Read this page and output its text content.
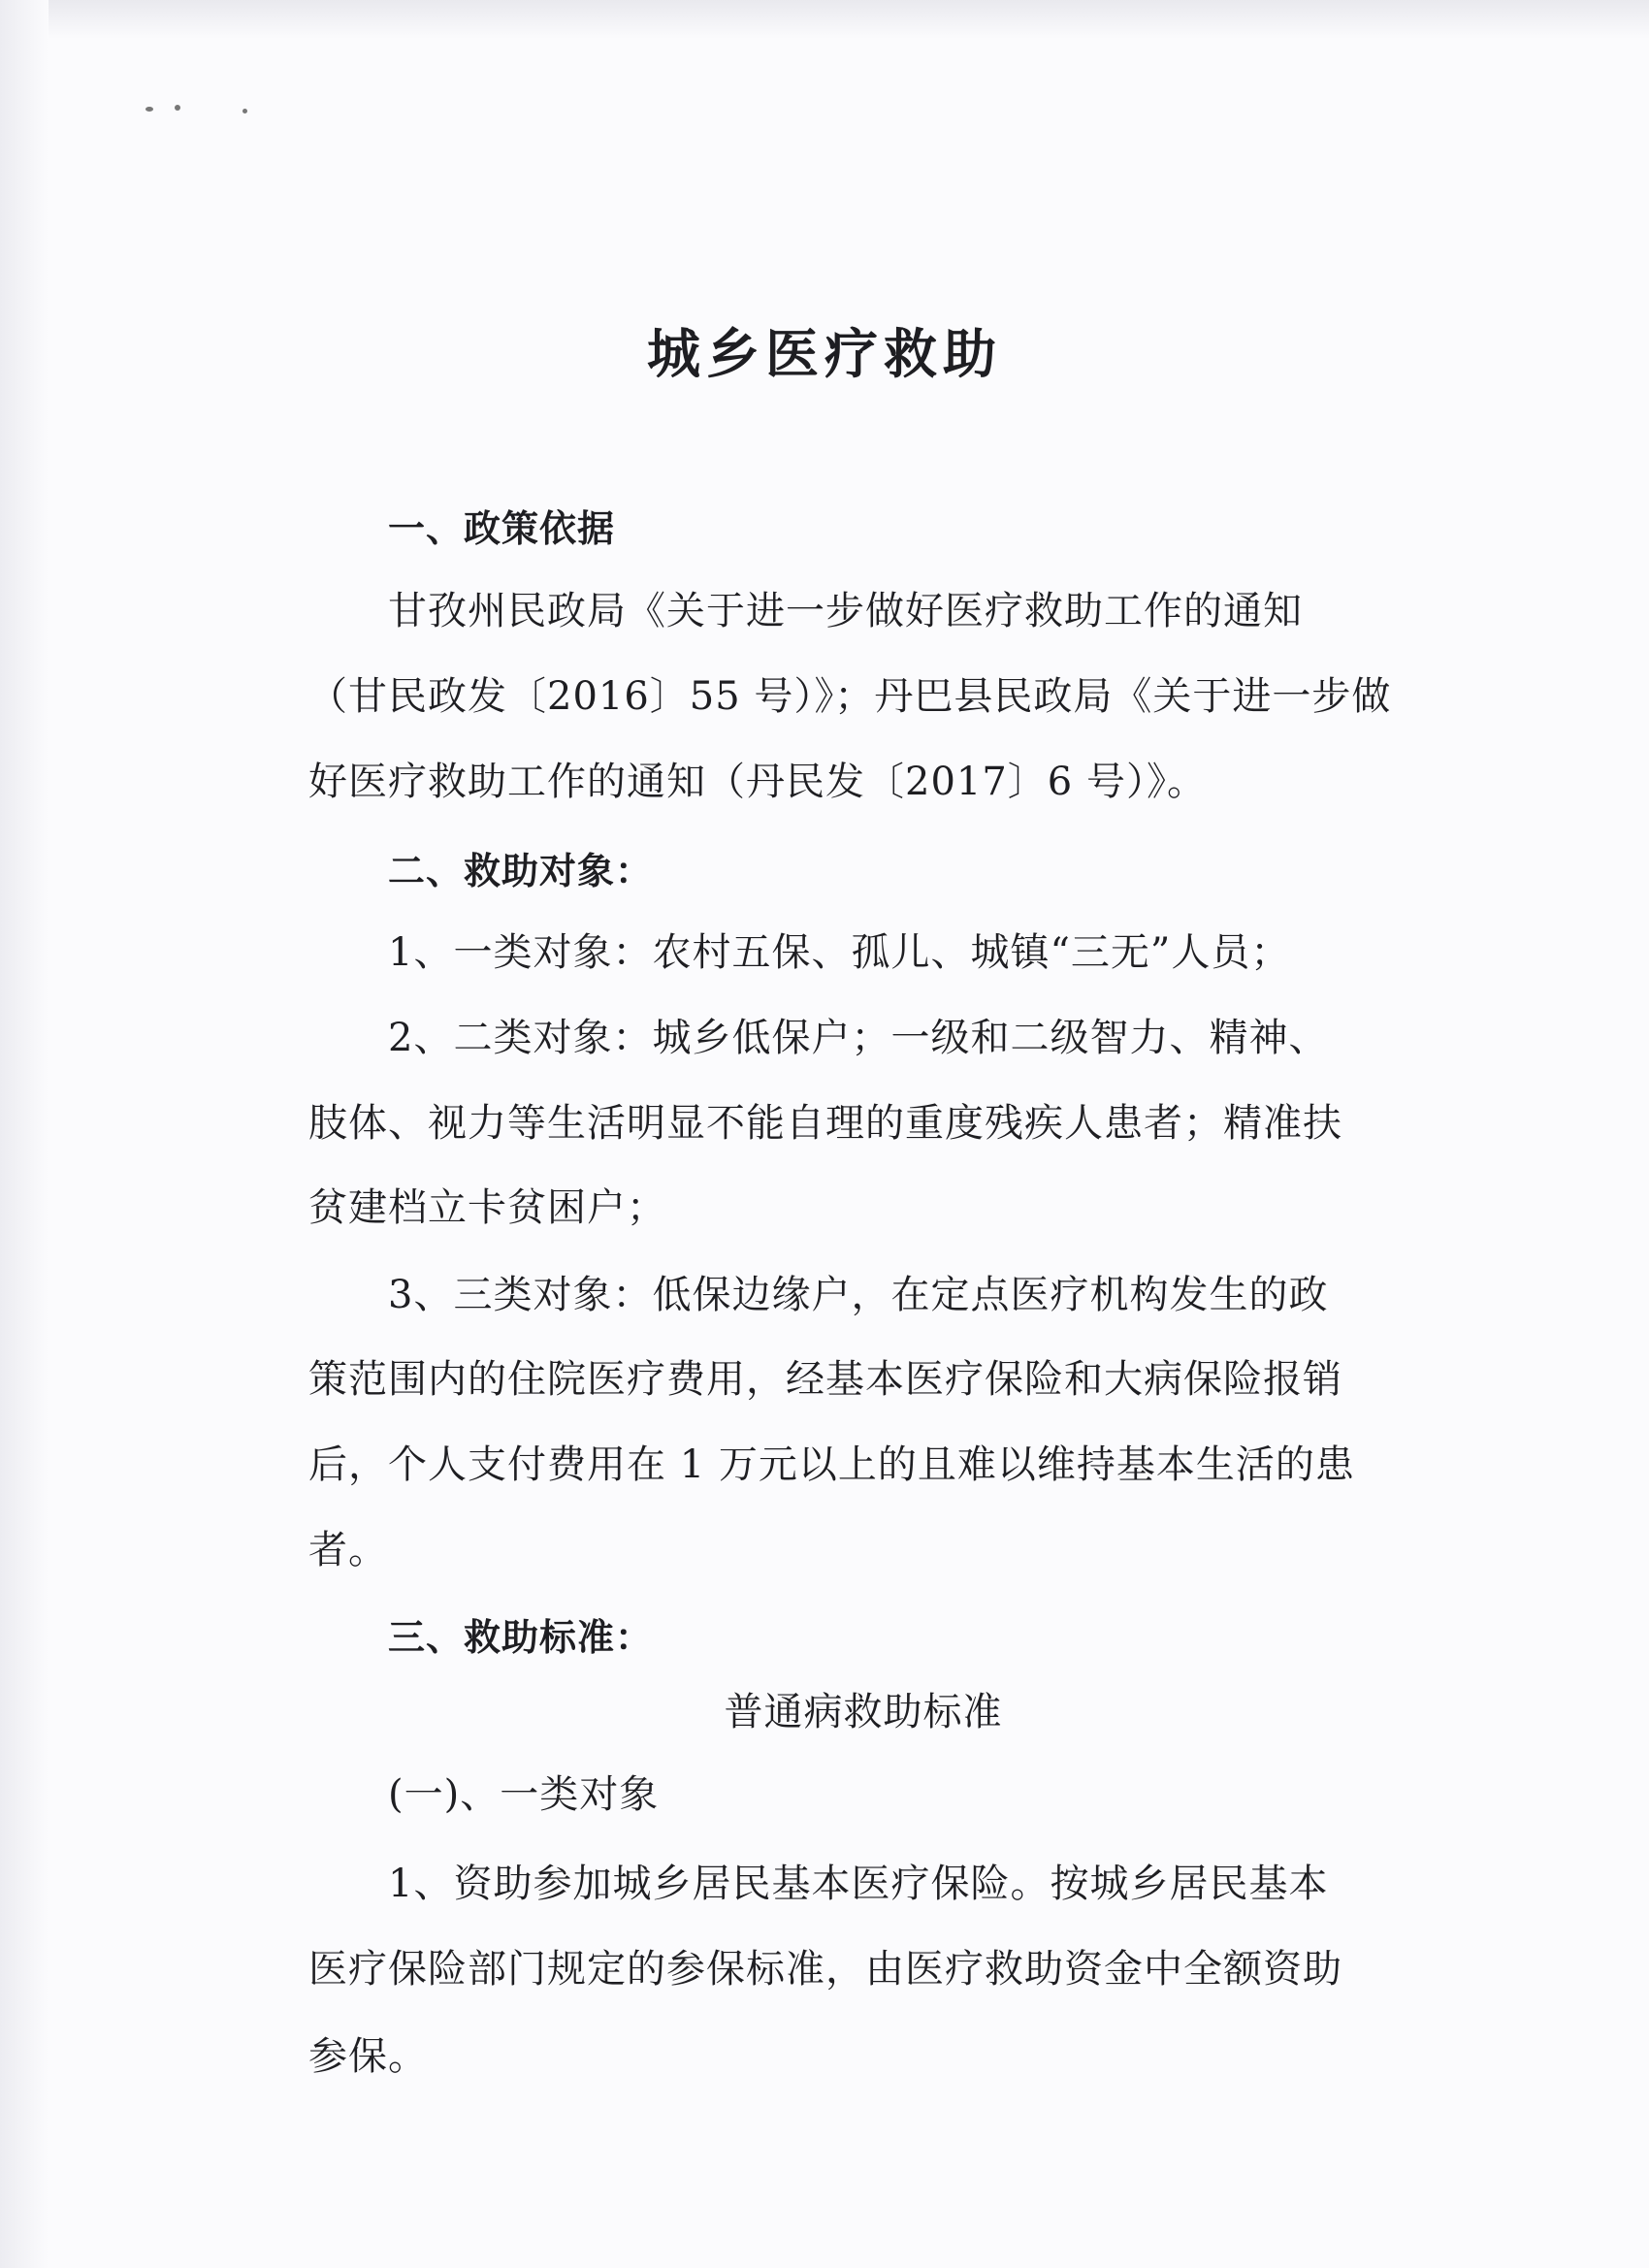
城乡医疗救助

一、政策依据

甘孜州民政局《关于进一步做好医疗救助工作的通知

（甘民政发〔2016〕55 号）》；丹巴县民政局《关于进一步做

好医疗救助工作的通知（丹民发〔2017〕6 号）》。

二、救助对象：

1、一类对象：农村五保、孤儿、城镇“三无”人员；

2、二类对象：城乡低保户；一级和二级智力、精神、

肢体、视力等生活明显不能自理的重度残疾人患者；精准扶

贫建档立卡贫困户；

3、三类对象：低保边缘户，在定点医疗机构发生的政

策范围内的住院医疗费用，经基本医疗保险和大病保险报销

后，个人支付费用在 1 万元以上的且难以维持基本生活的患

者。

三、救助标准：

普通病救助标准

(一)、一类对象

1、资助参加城乡居民基本医疗保险。按城乡居民基本

医疗保险部门规定的参保标准，由医疗救助资金中全额资助

参保。
